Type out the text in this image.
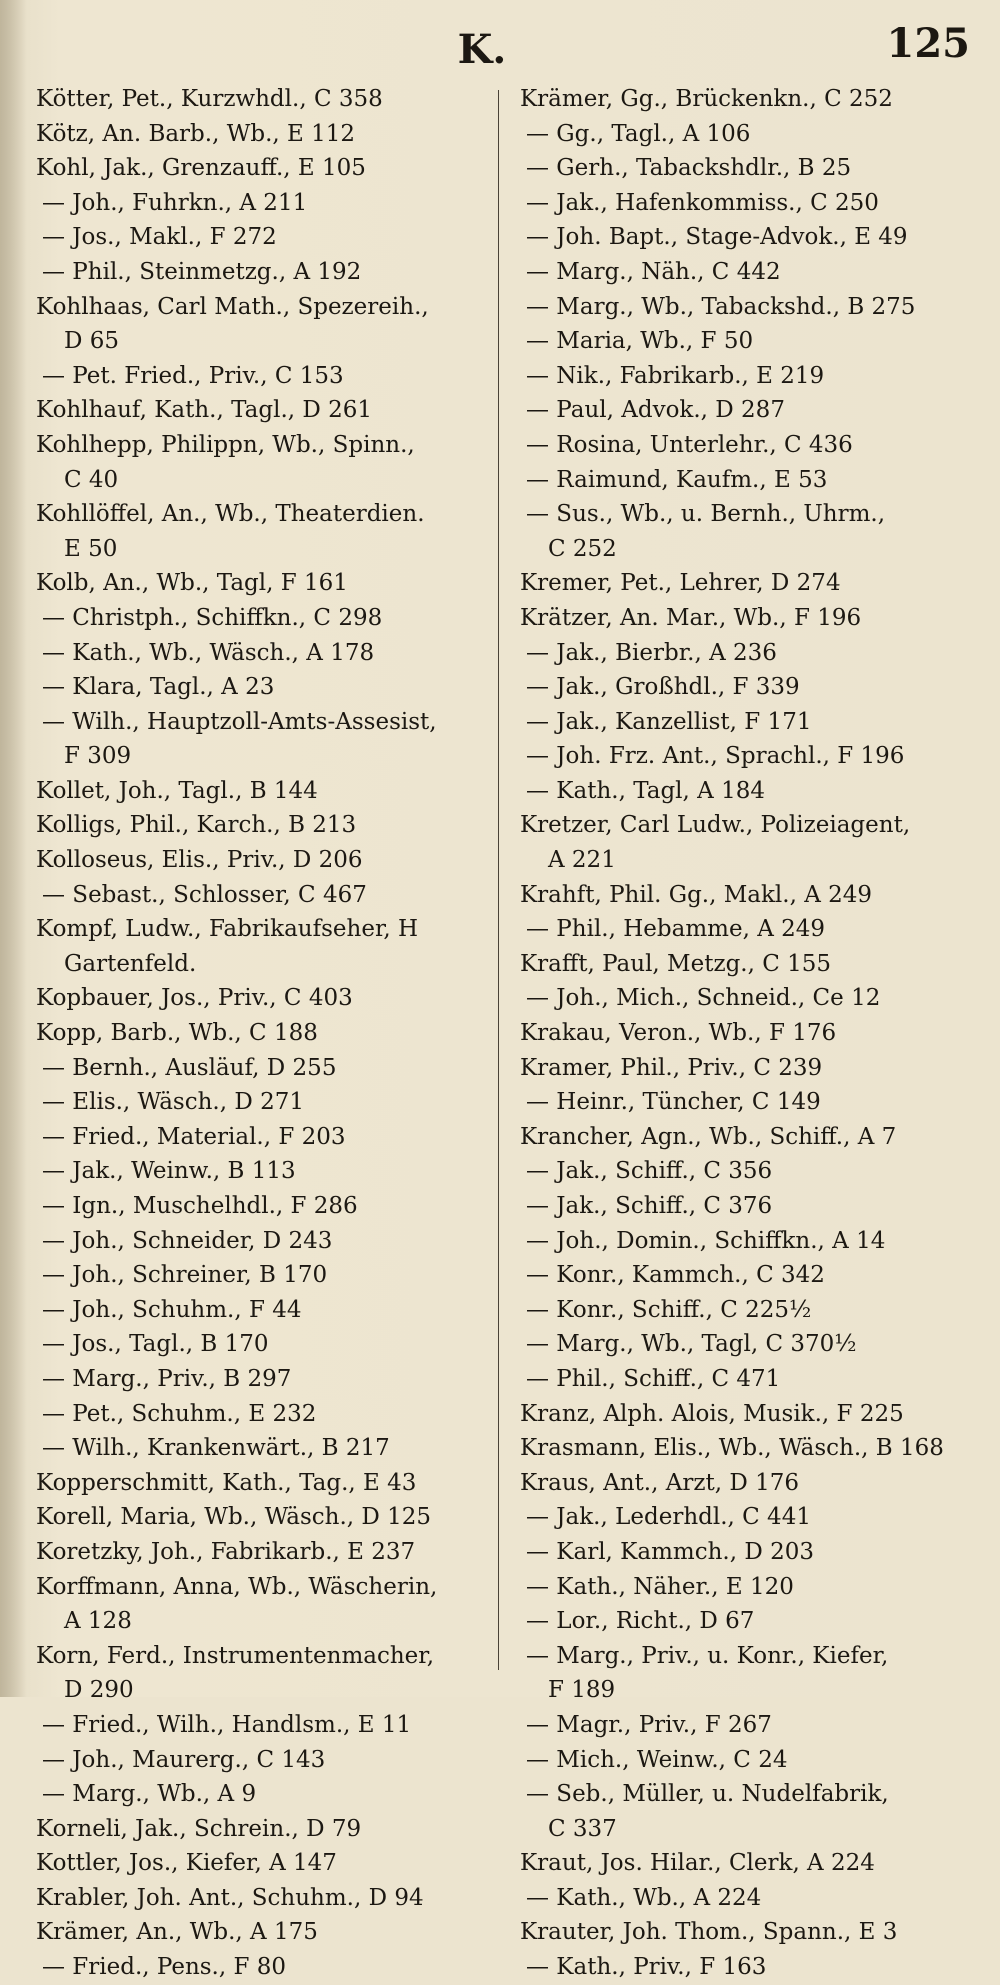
K.	125
Kötter, Pet., Kurzwhdl., C 358
Kötz, An. Barb., Wb., E 112
Kohl, Jak., Grenzauff., E 105
— Joh., Fuhrkn., A 211
— Jos., Makl., F 272
— Phil., Steinmetzg., A 192
Kohlhaas, Carl Math., Spezereih.,
D 65
— Pet. Fried., Priv., C 153
Kohlhauf, Kath., Tagl., D 261
Kohlhepp, Philippn, Wb., Spinn.,
C 40
Kohllöffel, An., Wb., Theaterdien.
E 50
Kolb, An., Wb., Tagl, F 161
— Christph., Schiffkn., C 298
— Kath., Wb., Wäsch., A 178
— Klara, Tagl., A 23
— Wilh., Hauptzoll-Amts-Assesist,
F 309
Kollet, Joh., Tagl., B 144
Kolligs, Phil., Karch., B 213
Kolloseus, Elis., Priv., D 206
— Sebast., Schlosser, C 467
Kompf, Ludw., Fabrikaufseher, H
Gartenfeld.
Kopbauer, Jos., Priv., C 403
Kopp, Barb., Wb., C 188
— Bernh., Ausläuf, D 255
— Elis., Wäsch., D 271
— Fried., Material., F 203
— Jak., Weinw., B 113
— Ign., Muschelhdl., F 286
— Joh., Schneider, D 243
— Joh., Schreiner, B 170
— Joh., Schuhm., F 44
— Jos., Tagl., B 170
— Marg., Priv., B 297
— Pet., Schuhm., E 232
— Wilh., Krankenwärt., B 217
Kopperschmitt, Kath., Tag., E 43
Korell, Maria, Wb., Wäsch., D 125
Koretzky, Joh., Fabrikarb., E 237
Korffmann, Anna, Wb., Wäscherin,
A 128
Korn, Ferd., Instrumentenmacher,
D 290
— Fried., Wilh., Handlsm., E 11
— Joh., Maurerg., C 143
— Marg., Wb., A 9
Korneli, Jak., Schrein., D 79
Kottler, Jos., Kiefer, A 147
Krabler, Joh. Ant., Schuhm., D 94
Krämer, An., Wb., A 175
— Fried., Pens., F 80
Krämer, Gg., Brückenkn., C 252
— Gg., Tagl., A 106
— Gerh., Tabackshdlr., B 25
— Jak., Hafenkommiss., C 250
— Joh. Bapt., Stage-Advok., E 49
— Marg., Näh., C 442
— Marg., Wb., Tabackshd., B 275
— Maria, Wb., F 50
— Nik., Fabrikarb., E 219
— Paul, Advok., D 287
— Rosina, Unterlehr., C 436
— Raimund, Kaufm., E 53
— Sus., Wb., u. Bernh., Uhrm.,
C 252
Kremer, Pet., Lehrer, D 274
Krätzer, An. Mar., Wb., F 196
— Jak., Bierbr., A 236
— Jak., Großhdl., F 339
— Jak., Kanzellist, F 171
— Joh. Frz. Ant., Sprachl., F 196
— Kath., Tagl, A 184
Kretzer, Carl Ludw., Polizeiagent,
A 221
Krahft, Phil. Gg., Makl., A 249
— Phil., Hebamme, A 249
Krafft, Paul, Metzg., C 155
— Joh., Mich., Schneid., Ce 12
Krakau, Veron., Wb., F 176
Kramer, Phil., Priv., C 239
— Heinr., Tüncher, C 149
Krancher, Agn., Wb., Schiff., A 7
— Jak., Schiff., C 356
— Jak., Schiff., C 376
— Joh., Domin., Schiffkn., A 14
— Konr., Kammch., C 342
— Konr., Schiff., C 225½
— Marg., Wb., Tagl, C 370½
— Phil., Schiff., C 471
Kranz, Alph. Alois, Musik., F 225
Krasmann, Elis., Wb., Wäsch., B 168
Kraus, Ant., Arzt, D 176
— Jak., Lederhdl., C 441
— Karl, Kammch., D 203
— Kath., Näher., E 120
— Lor., Richt., D 67
— Marg., Priv., u. Konr., Kiefer,
F 189
— Magr., Priv., F 267
— Mich., Weinw., C 24
— Seb., Müller, u. Nudelfabrik,
C 337
Kraut, Jos. Hilar., Clerk, A 224
— Kath., Wb., A 224
Krauter, Joh. Thom., Spann., E 3
— Kath., Priv., F 163
